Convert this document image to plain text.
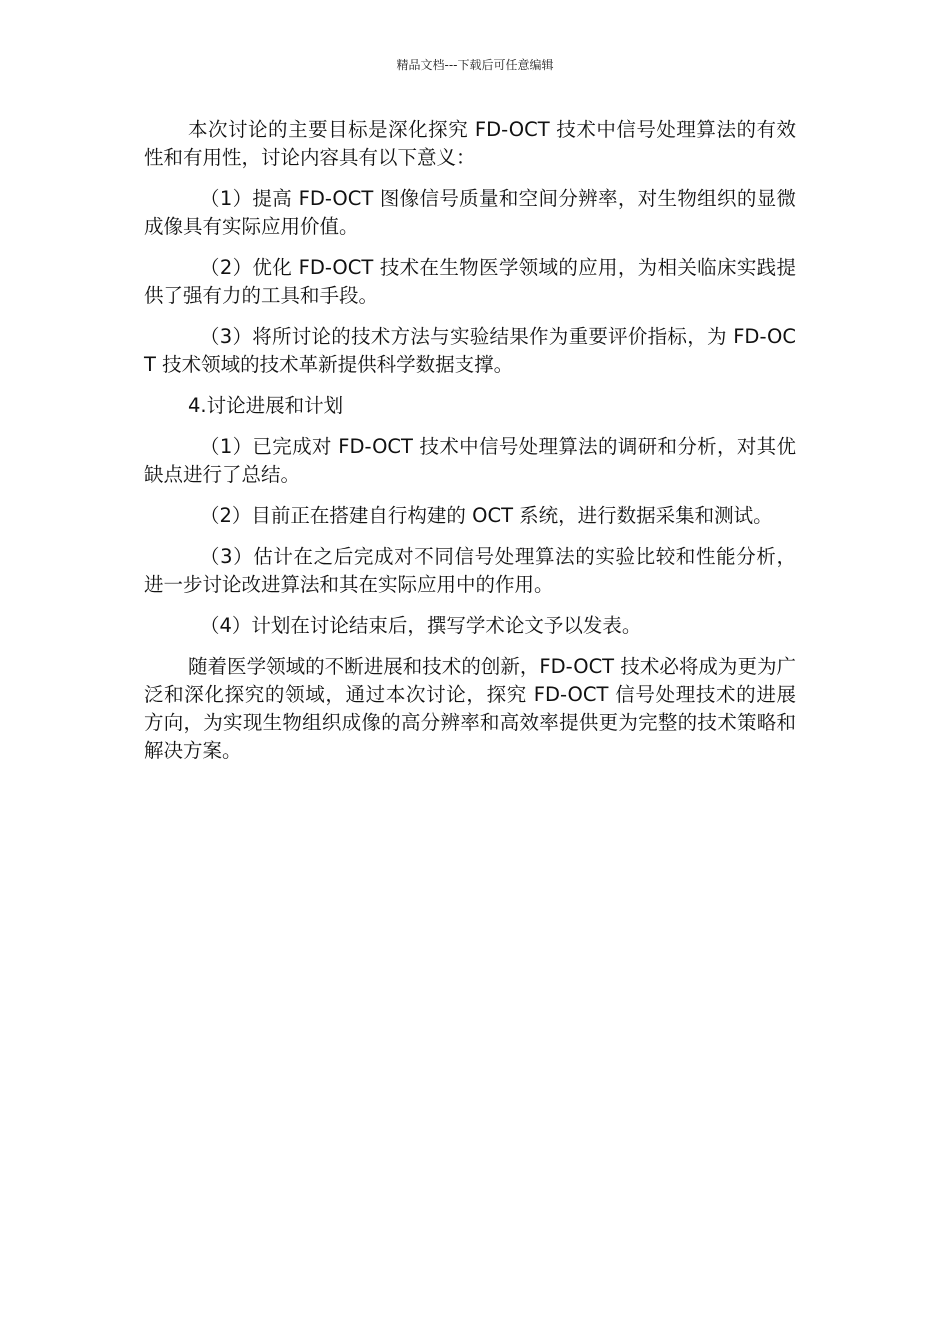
精品文档---下载后可任意编辑

本次讨论的主要目标是深化探究 FD-OCT 技术中信号处理算法的有效性和有用性，讨论内容具有以下意义：

（1）提高 FD-OCT 图像信号质量和空间分辨率，对生物组织的显微成像具有实际应用价值。

（2）优化 FD-OCT 技术在生物医学领域的应用，为相关临床实践提供了强有力的工具和手段。

（3）将所讨论的技术方法与实验结果作为重要评价指标，为 FD-OCT 技术领域的技术革新提供科学数据支撑。

4.讨论进展和计划

（1）已完成对 FD-OCT 技术中信号处理算法的调研和分析，对其优缺点进行了总结。

（2）目前正在搭建自行构建的 OCT 系统，进行数据采集和测试。

（3）估计在之后完成对不同信号处理算法的实验比较和性能分析，进一步讨论改进算法和其在实际应用中的作用。

（4）计划在讨论结束后，撰写学术论文予以发表。

随着医学领域的不断进展和技术的创新，FD-OCT 技术必将成为更为广泛和深化探究的领域，通过本次讨论，探究 FD-OCT 信号处理技术的进展方向，为实现生物组织成像的高分辨率和高效率提供更为完整的技术策略和解决方案。
